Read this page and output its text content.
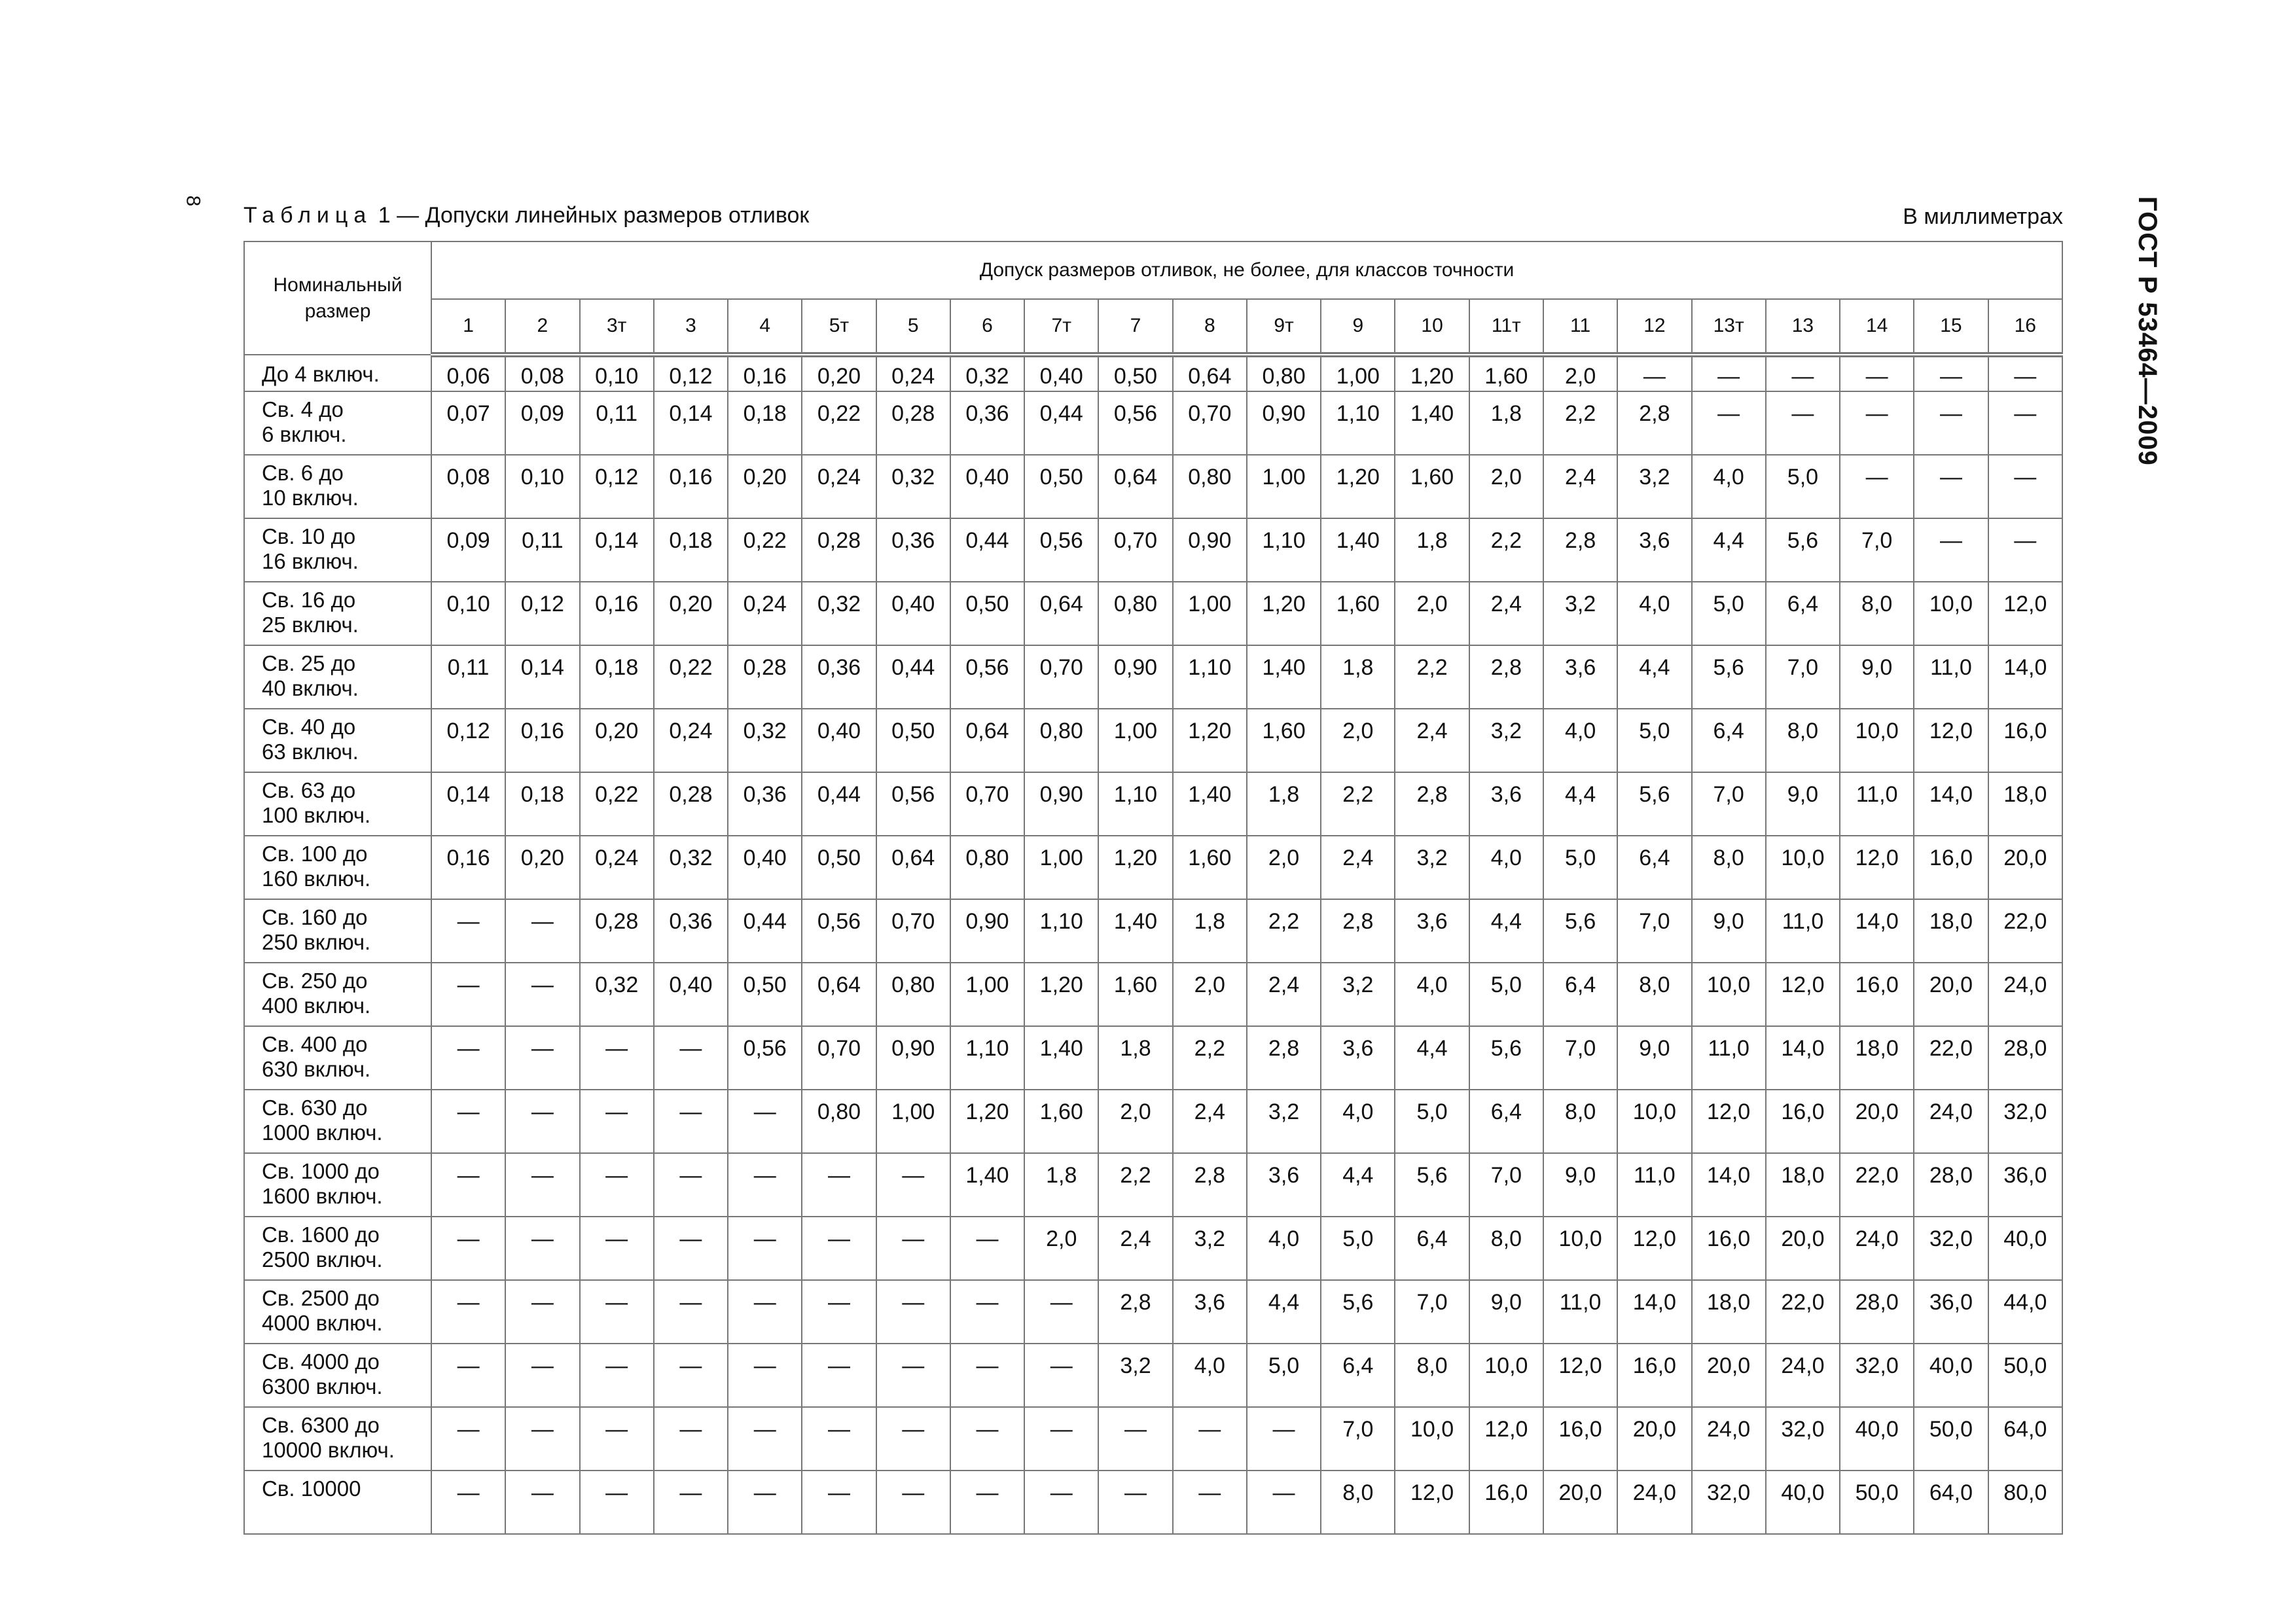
8	ГОСТ Р 53464—2009
Таблица 1 — Допуски линейных размеров отливок	В миллиметрах
Номинальный размер	Допуск размеров отливок, не более, для классов точности																					
	1	2	3т	3	4	5т	5	6	7т	7	8	9т	9	10	11т	11	12	13т	13	14	15	16

До 4 включ.	0,06	0,08	0,10	0,12	0,16	0,20	0,24	0,32	0,40	0,50	0,64	0,80	1,00	1,20	1,60	2,0	—	—	—	—	—	—

Св. 4 до
6 включ.	0,07	0,09	0,11	0,14	0,18	0,22	0,28	0,36	0,44	0,56	0,70	0,90	1,10	1,40	1,8	2,2	2,8	—	—	—	—	—

Св. 6 до
10 включ.	0,08	0,10	0,12	0,16	0,20	0,24	0,32	0,40	0,50	0,64	0,80	1,00	1,20	1,60	2,0	2,4	3,2	4,0	5,0	—	—	—

Св. 10 до
16 включ.	0,09	0,11	0,14	0,18	0,22	0,28	0,36	0,44	0,56	0,70	0,90	1,10	1,40	1,8	2,2	2,8	3,6	4,4	5,6	7,0	—	—

Св. 16 до
25 включ.	0,10	0,12	0,16	0,20	0,24	0,32	0,40	0,50	0,64	0,80	1,00	1,20	1,60	2,0	2,4	3,2	4,0	5,0	6,4	8,0	10,0	12,0

Св. 25 до
40 включ.	0,11	0,14	0,18	0,22	0,28	0,36	0,44	0,56	0,70	0,90	1,10	1,40	1,8	2,2	2,8	3,6	4,4	5,6	7,0	9,0	11,0	14,0

Св. 40 до
63 включ.	0,12	0,16	0,20	0,24	0,32	0,40	0,50	0,64	0,80	1,00	1,20	1,60	2,0	2,4	3,2	4,0	5,0	6,4	8,0	10,0	12,0	16,0

Св. 63 до
100 включ.	0,14	0,18	0,22	0,28	0,36	0,44	0,56	0,70	0,90	1,10	1,40	1,8	2,2	2,8	3,6	4,4	5,6	7,0	9,0	11,0	14,0	18,0

Св. 100 до
160 включ.	0,16	0,20	0,24	0,32	0,40	0,50	0,64	0,80	1,00	1,20	1,60	2,0	2,4	3,2	4,0	5,0	6,4	8,0	10,0	12,0	16,0	20,0

Св. 160 до
250 включ.	—	—	0,28	0,36	0,44	0,56	0,70	0,90	1,10	1,40	1,8	2,2	2,8	3,6	4,4	5,6	7,0	9,0	11,0	14,0	18,0	22,0

Св. 250 до
400 включ.	—	—	0,32	0,40	0,50	0,64	0,80	1,00	1,20	1,60	2,0	2,4	3,2	4,0	5,0	6,4	8,0	10,0	12,0	16,0	20,0	24,0

Св. 400 до
630 включ.	—	—	—	—	0,56	0,70	0,90	1,10	1,40	1,8	2,2	2,8	3,6	4,4	5,6	7,0	9,0	11,0	14,0	18,0	22,0	28,0

Св. 630 до
1000 включ.	—	—	—	—	—	0,80	1,00	1,20	1,60	2,0	2,4	3,2	4,0	5,0	6,4	8,0	10,0	12,0	16,0	20,0	24,0	32,0

Св. 1000 до
1600 включ.	—	—	—	—	—	—	—	1,40	1,8	2,2	2,8	3,6	4,4	5,6	7,0	9,0	11,0	14,0	18,0	22,0	28,0	36,0

Св. 1600 до
2500 включ.	—	—	—	—	—	—	—	—	2,0	2,4	3,2	4,0	5,0	6,4	8,0	10,0	12,0	16,0	20,0	24,0	32,0	40,0

Св. 2500 до
4000 включ.	—	—	—	—	—	—	—	—	—	2,8	3,6	4,4	5,6	7,0	9,0	11,0	14,0	18,0	22,0	28,0	36,0	44,0

Св. 4000 до
6300 включ.	—	—	—	—	—	—	—	—	—	3,2	4,0	5,0	6,4	8,0	10,0	12,0	16,0	20,0	24,0	32,0	40,0	50,0

Св. 6300 до
10000 включ.	—	—	—	—	—	—	—	—	—	—	—	—	7,0	10,0	12,0	16,0	20,0	24,0	32,0	40,0	50,0	64,0

Св. 10000	—	—	—	—	—	—	—	—	—	—	—	—	8,0	12,0	16,0	20,0	24,0	32,0	40,0	50,0	64,0	80,0
